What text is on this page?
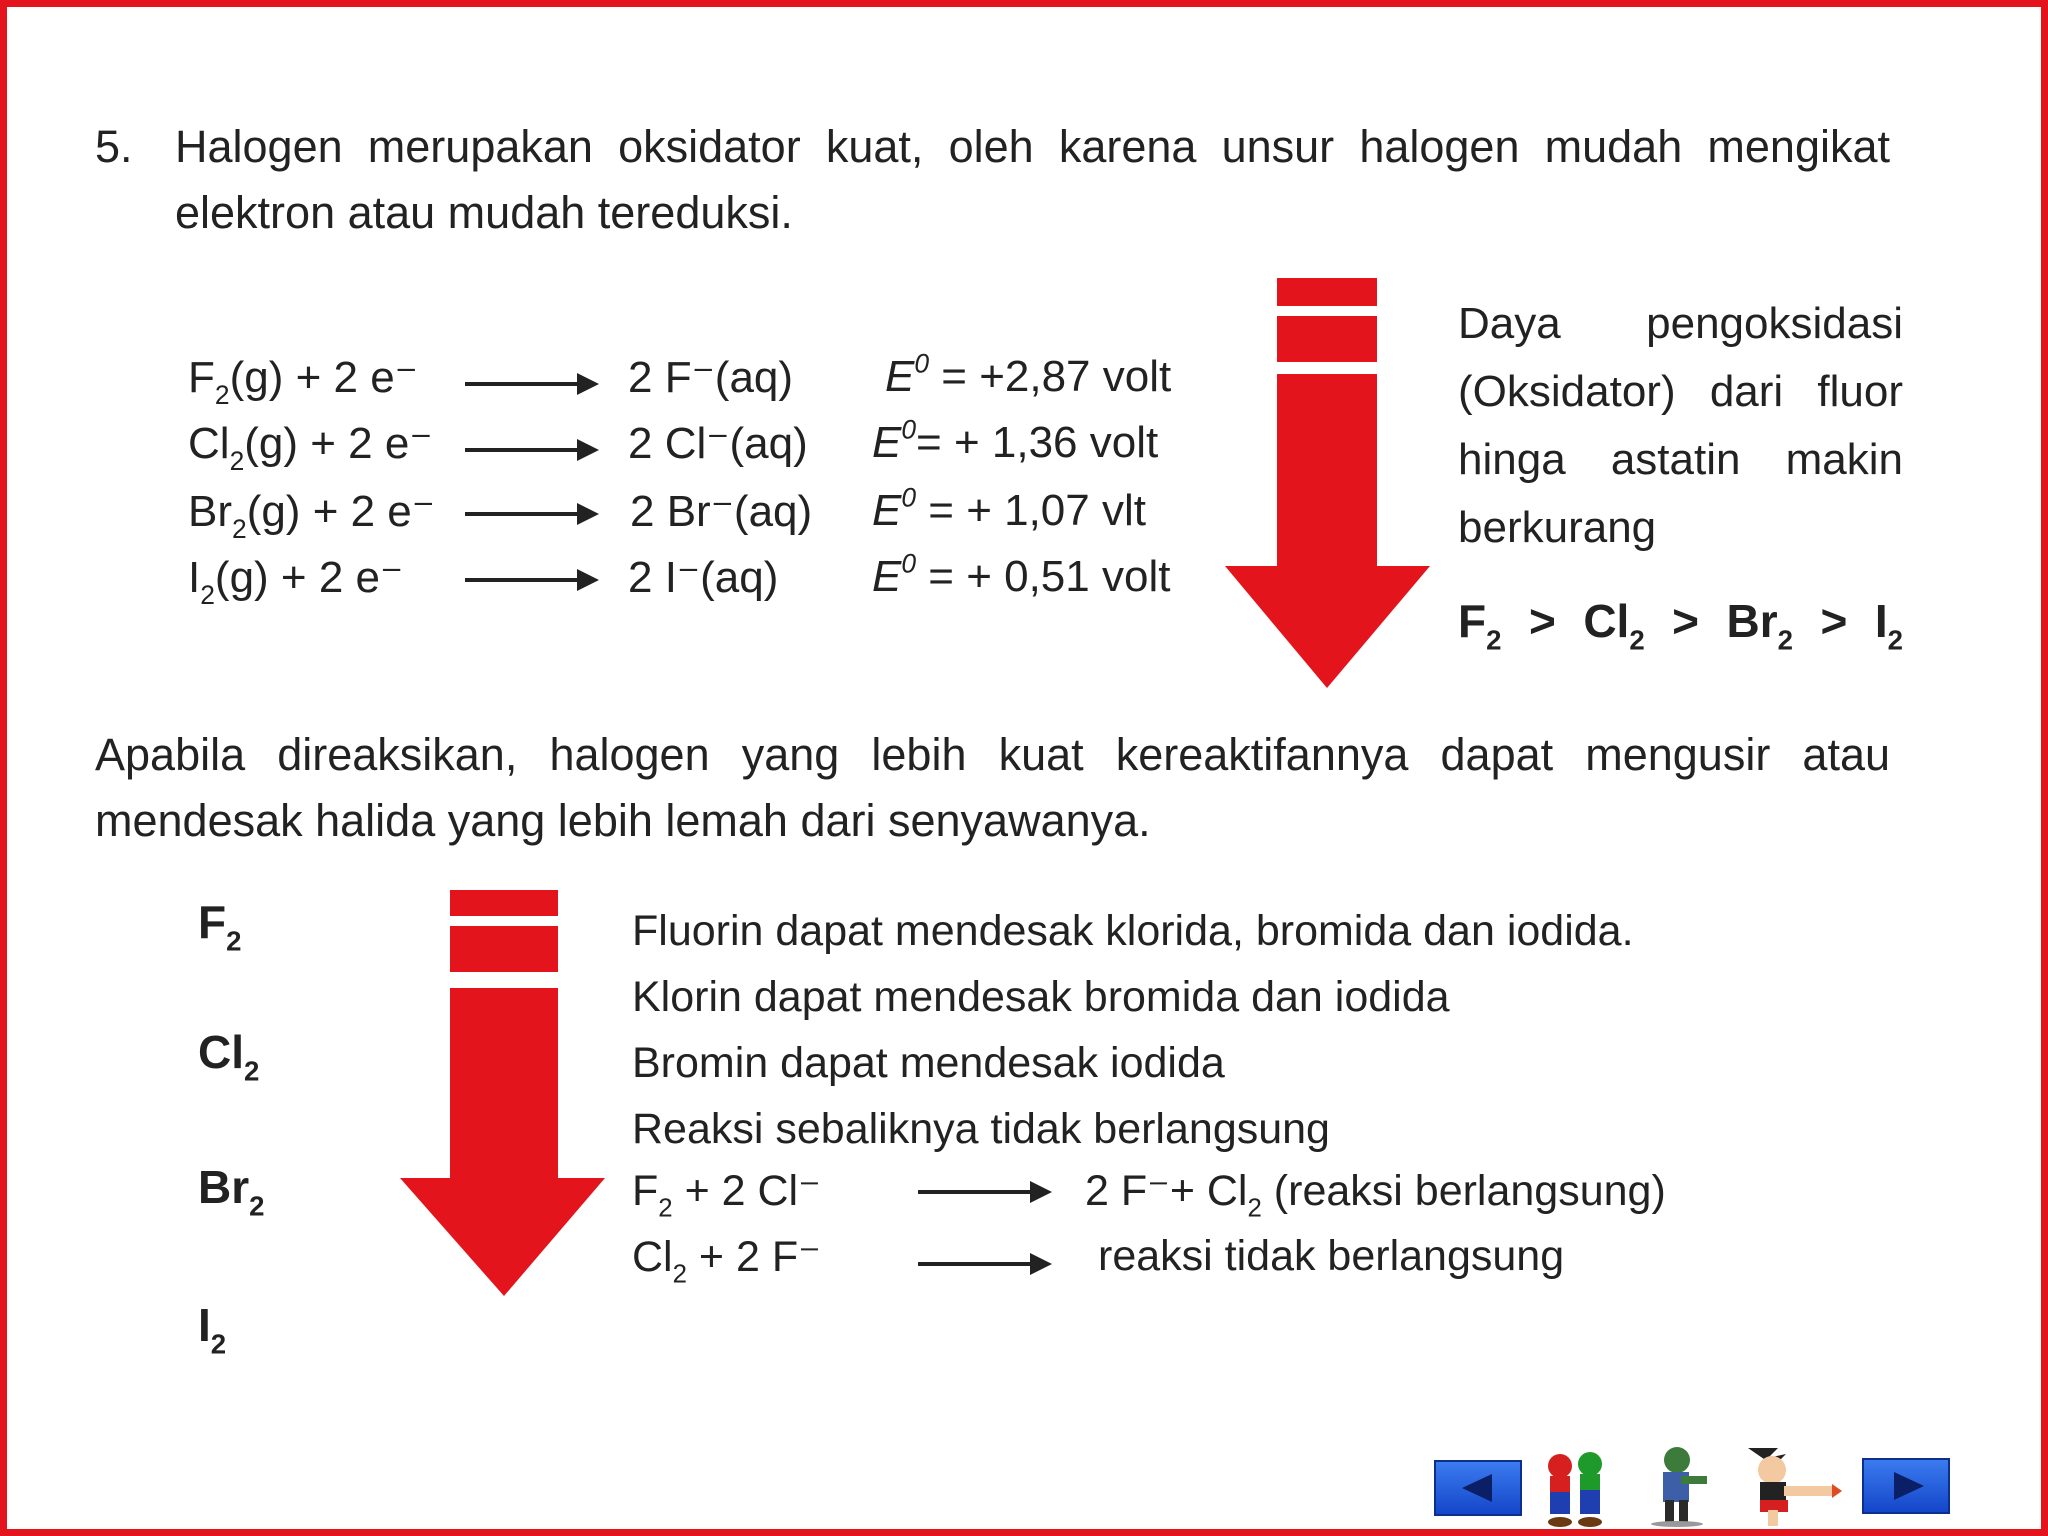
5. Halogen merupakan oksidator kuat, oleh karena unsur halogen mudah mengikat
elektron atau mudah tereduksi.
$F_2(g) + 2$ e⁻	2 F⁻(aq) $E^0 = +2,87$ volt
$Cl_2(g) + 2$ e⁻	2 Cl⁻(aq) $E^0= + 1,36$ volt
$Br_2(g) + 2$ e⁻	2 Br⁻(aq) $E^0$ = + 1,07 vlt
$I_2(g) + 2$ e⁻	2 I⁻(aq) $E^0$ = + 0,51 volt
Daya pengoksidasi
(Oksidator) dari fluor
hinga astatin makin
berkurang
$F_2 > Cl_2 > Br_2 > I_2$
Apabila direaksikan, halogen yang lebih kuat kereaktifannya dapat mengusir atau
mendesak halida yang lebih lemah dari senyawanya.
$F_2$
$Cl_2$
$Br_2$
$I_2$
Fluorin dapat mendesak klorida, bromida dan iodida.
Klorin dapat mendesak bromida dan iodida
Bromin dapat mendesak iodida
Reaksi sebaliknya tidak berlangsung
$F_2 + 2$ Cl⁻	2 $F^-+ Cl_2$ (reaksi berlangsung)
$Cl_2 + 2$ F⁻	reaksi tidak berlangsung
